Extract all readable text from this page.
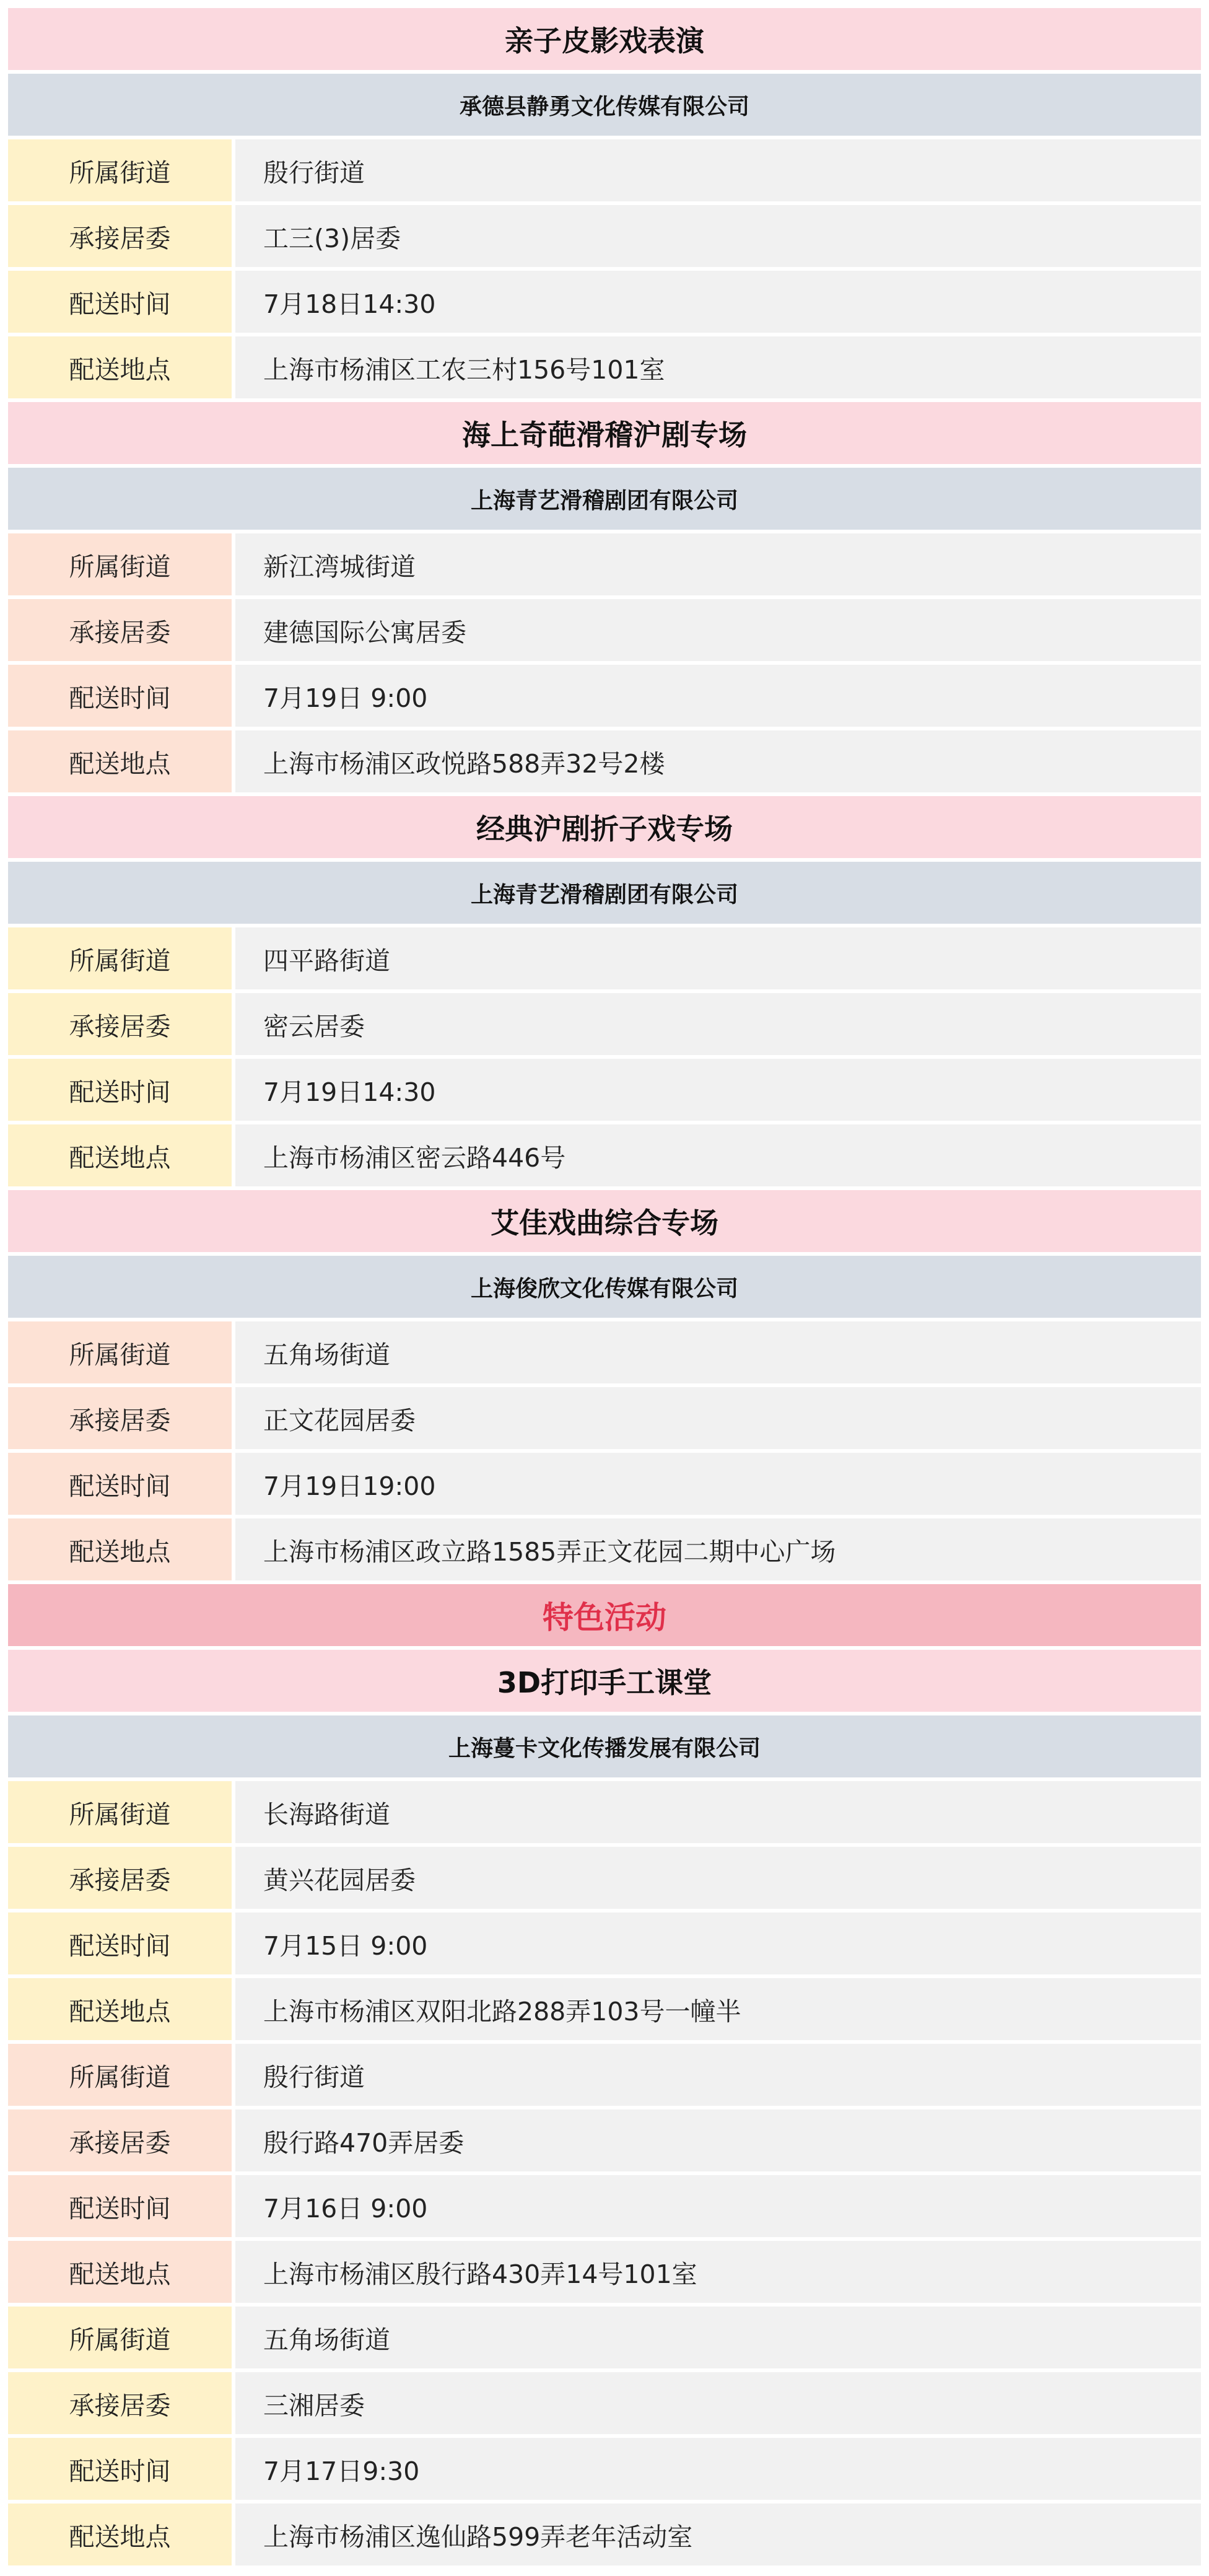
亲子皮影戏表演
承德县静勇文化传媒有限公司
所属街道	殷行街道
承接居委	工三(3)居委
配送时间	7月18日14:30
配送地点	上海市杨浦区工农三村156号101室
海上奇葩滑稽沪剧专场
上海青艺滑稽剧团有限公司
所属街道	新江湾城街道
承接居委	建德国际公寓居委
配送时间	7月19日 9:00
配送地点	上海市杨浦区政悦路588弄32号2楼
经典沪剧折子戏专场
上海青艺滑稽剧团有限公司
所属街道	四平路街道
承接居委	密云居委
配送时间	7月19日14:30
配送地点	上海市杨浦区密云路446号
艾佳戏曲综合专场
上海俊欣文化传媒有限公司
所属街道	五角场街道
承接居委	正文花园居委
配送时间	7月19日19:00
配送地点	上海市杨浦区政立路1585弄正文花园二期中心广场
特色活动
3D打印手工课堂
上海蔓卡文化传播发展有限公司
所属街道	长海路街道
承接居委	黄兴花园居委
配送时间	7月15日 9:00
配送地点	上海市杨浦区双阳北路288弄103号一幢半
所属街道	殷行街道
承接居委	殷行路470弄居委
配送时间	7月16日 9:00
配送地点	上海市杨浦区殷行路430弄14号101室
所属街道	五角场街道
承接居委	三湘居委
配送时间	7月17日9:30
配送地点	上海市杨浦区逸仙路599弄老年活动室
